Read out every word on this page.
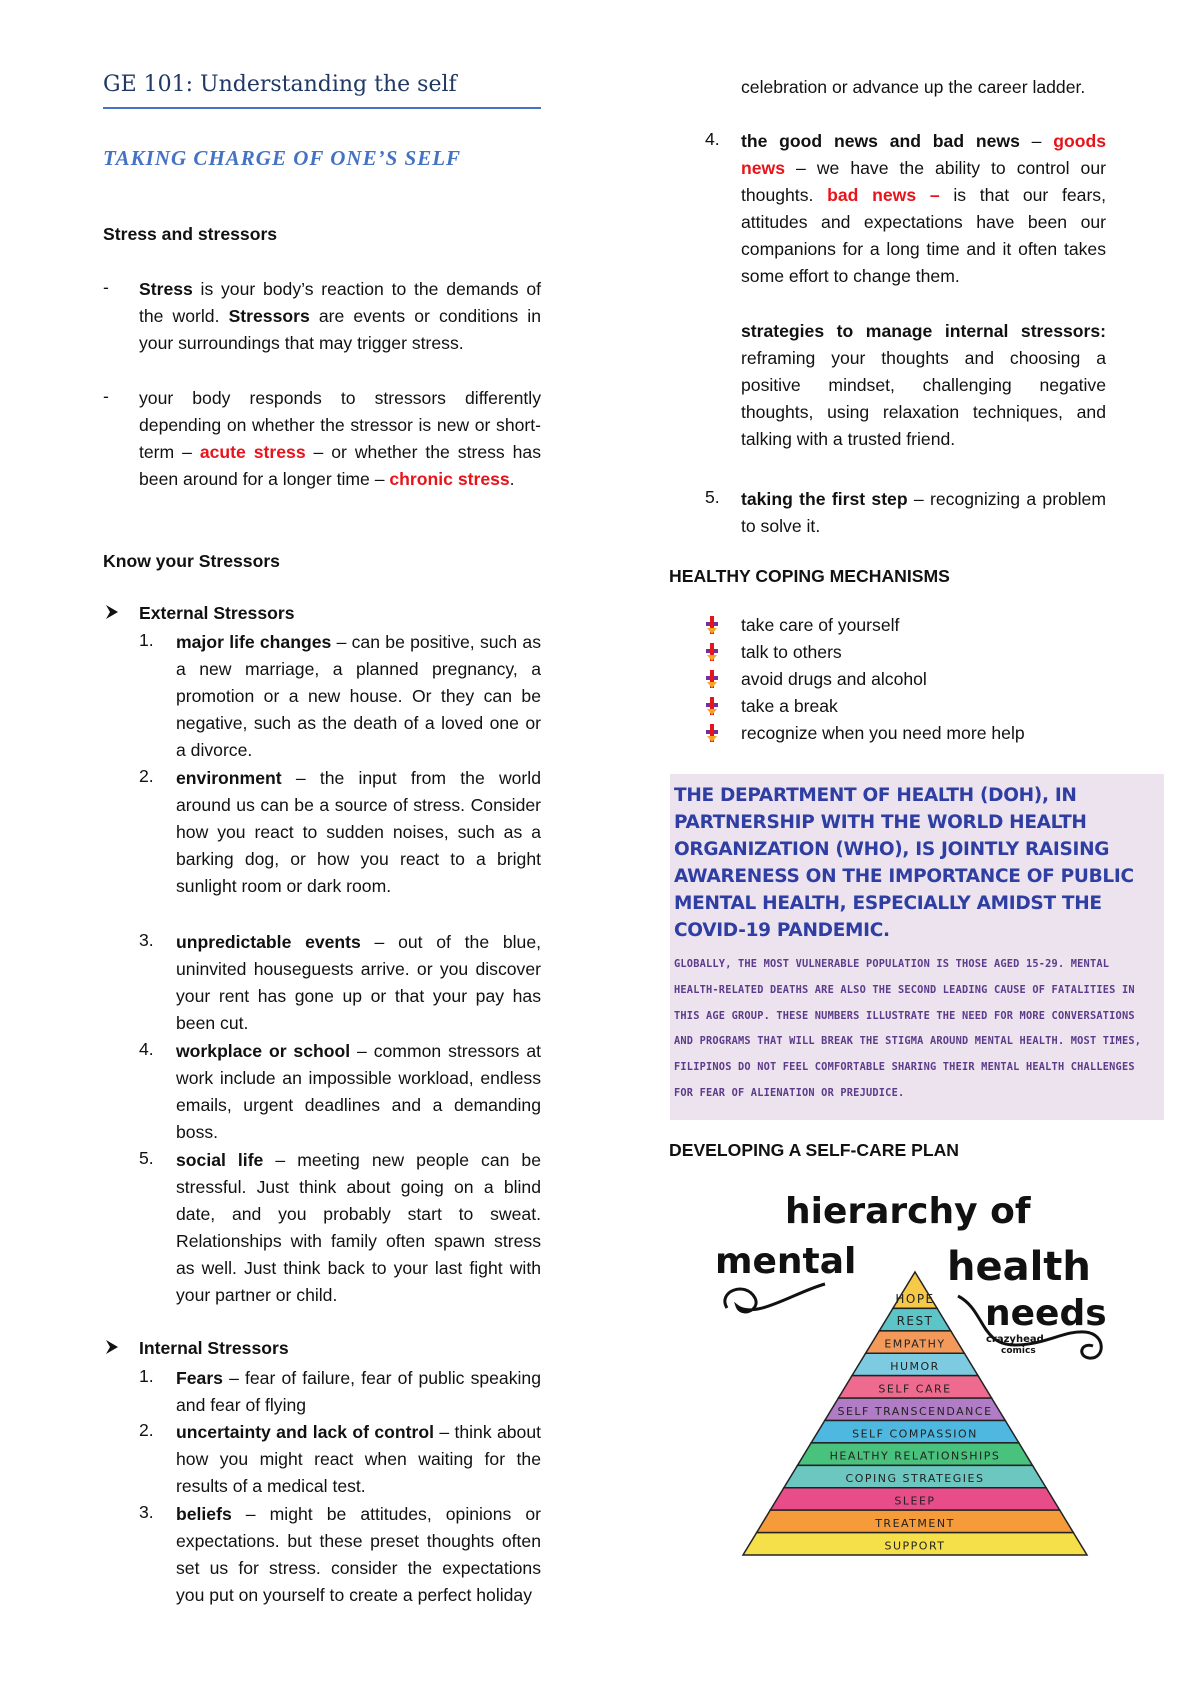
GE 101: Understanding the self
TAKING CHARGE OF ONE’S SELF
Stress and stressors
- Stress is your body’s reaction to the demands of the world. Stressors are events or conditions in your surroundings that may trigger stress.
- your body responds to stressors differently depending on whether the stressor is new or short-term – acute stress – or whether the stress has been around for a longer time – chronic stress.
Know your Stressors
External Stressors
1. major life changes – can be positive, such as a new marriage, a planned pregnancy, a promotion or a new house. Or they can be negative, such as the death of a loved one or a divorce.
2. environment – the input from the world around us can be a source of stress. Consider how you react to sudden noises, such as a barking dog, or how you react to a bright sunlight room or dark room.
3. unpredictable events – out of the blue, uninvited houseguests arrive. or you discover your rent has gone up or that your pay has been cut.
4. workplace or school – common stressors at work include an impossible workload, endless emails, urgent deadlines and a demanding boss.
5. social life – meeting new people can be stressful. Just think about going on a blind date, and you probably start to sweat. Relationships with family often spawn stress as well. Just think back to your last fight with your partner or child.
Internal Stressors
1. Fears – fear of failure, fear of public speaking and fear of flying
2. uncertainty and lack of control – think about how you might react when waiting for the results of a medical test.
3. beliefs – might be attitudes, opinions or expectations. but these preset thoughts often set us for stress. consider the expectations you put on yourself to create a perfect holiday
celebration or advance up the career ladder.
4. the good news and bad news – goods news – we have the ability to control our thoughts. bad news – is that our fears, attitudes and expectations have been our companions for a long time and it often takes some effort to change them.
strategies to manage internal stressors: reframing your thoughts and choosing a positive mindset, challenging negative thoughts, using relaxation techniques, and talking with a trusted friend.
5. taking the first step – recognizing a problem to solve it.
HEALTHY COPING MECHANISMS
take care of yourself
talk to others
avoid drugs and alcohol
take a break
recognize when you need more help
THE DEPARTMENT OF HEALTH (DOH), IN PARTNERSHIP WITH THE WORLD HEALTH ORGANIZATION (WHO), IS JOINTLY RAISING AWARENESS ON THE IMPORTANCE OF PUBLIC MENTAL HEALTH, ESPECIALLY AMIDST THE COVID-19 PANDEMIC.
GLOBALLY, THE MOST VULNERABLE POPULATION IS THOSE AGED 15-29. MENTAL HEALTH-RELATED DEATHS ARE ALSO THE SECOND LEADING CAUSE OF FATALITIES IN THIS AGE GROUP. THESE NUMBERS ILLUSTRATE THE NEED FOR MORE CONVERSATIONS AND PROGRAMS THAT WILL BREAK THE STIGMA AROUND MENTAL HEALTH. MOST TIMES, FILIPINOS DO NOT FEEL COMFORTABLE SHARING THEIR MENTAL HEALTH CHALLENGES FOR FEAR OF ALIENATION OR PREJUDICE.
DEVELOPING A SELF-CARE PLAN
hierarchy of
mental health
needs
crazyhead
comics
HOPE
REST
EMPATHY
HUMOR
SELF CARE
SELF TRANSCENDANCE
SELF COMPASSION
HEALTHY RELATIONSHIPS
COPING STRATEGIES
SLEEP
TREATMENT
SUPPORT
